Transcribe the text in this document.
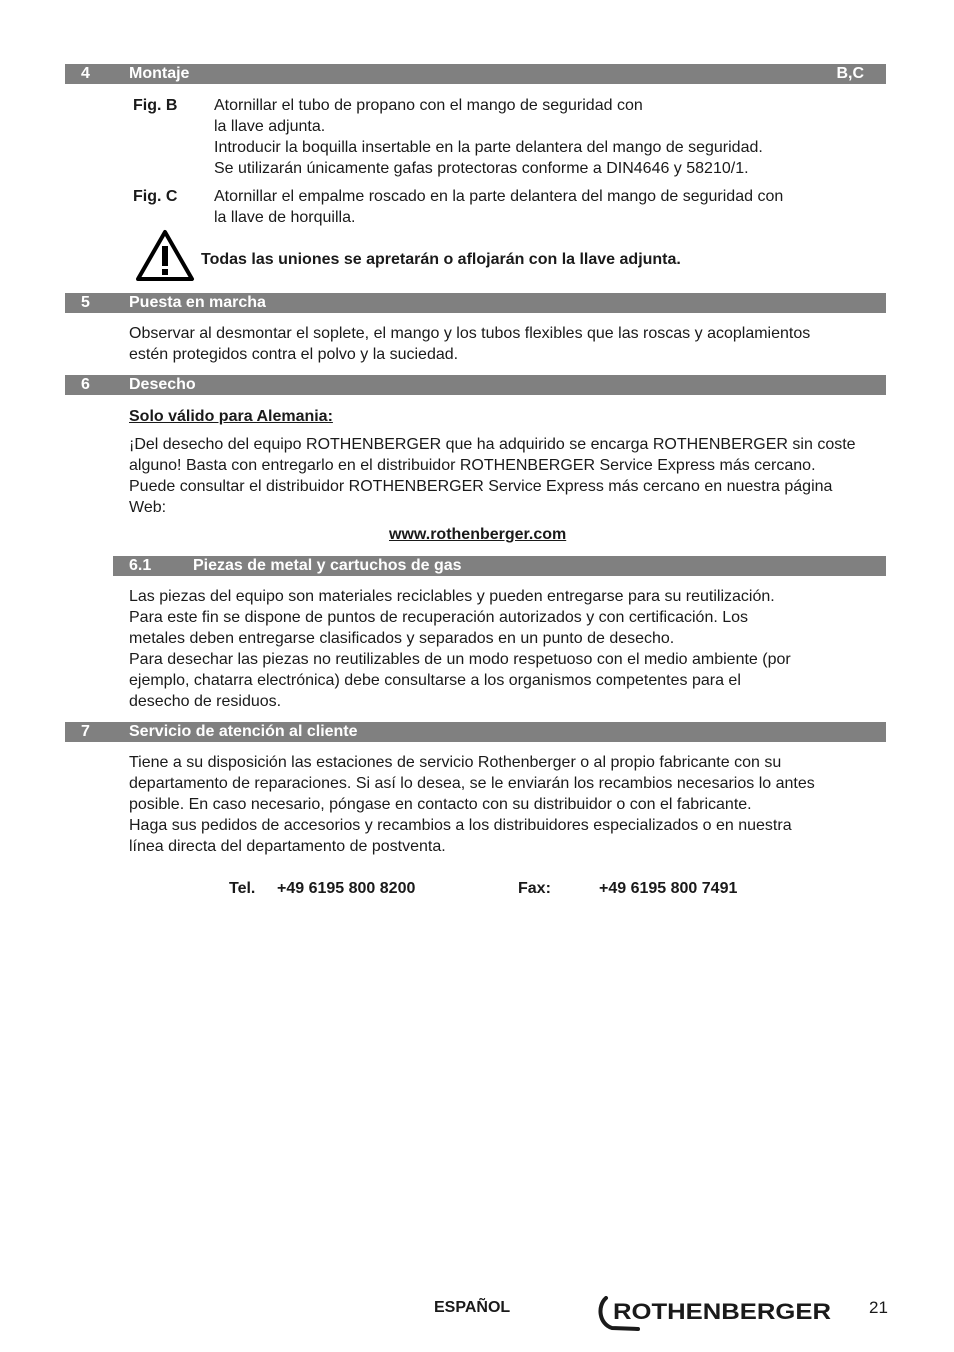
4 Montaje	B,C
Fig. B Atornillar el tubo de propano con el mango de seguridad con
la llave adjunta.
Introducir la boquilla insertable en la parte delantera del mango de seguridad.
Se utilizarán únicamente gafas protectoras conforme a DIN4646 y 58210/1.

Fig. C Atornillar el empalme roscado en la parte delantera del mango de seguridad con
la llave de horquilla.

Todas las uniones se apretarán o aflojarán con la llave adjunta.
5 Puesta en marcha

Observar al desmontar el soplete, el mango y los tubos flexibles que las roscas y acoplamientos
estén protegidos contra el polvo y la suciedad.

6 Desecho

Solo válido para Alemania:

¡Del desecho del equipo ROTHENBERGER que ha adquirido se encarga ROTHENBERGER sin coste
alguno! Basta con entregarlo en el distribuidor ROTHENBERGER Service Express más cercano.
Puede consultar el distribuidor ROTHENBERGER Service Express más cercano en nuestra página
Web:

www.rothenberger.com
6.1	Piezas de metal y cartuchos de gas

Las piezas del equipo son materiales reciclables y pueden entregarse para su reutilización.
Para este fin se dispone de puntos de recuperación autorizados y con certificación. Los
metales deben entregarse clasificados y separados en un punto de desecho.
Para desechar las piezas no reutilizables de un modo respetuoso con el medio ambiente (por
ejemplo, chatarra electrónica) debe consultarse a los organismos competentes para el
desecho de residuos.

7 Servicio de atención al cliente

Tiene a su disposición las estaciones de servicio Rothenberger o al propio fabricante con su
departamento de reparaciones. Si así lo desea, se le enviarán los recambios necesarios lo antes
posible. En caso necesario, póngase en contacto con su distribuidor o con el fabricante.
Haga sus pedidos de accesorios y recambios a los distribuidores especializados o en nuestra
línea directa del departamento de postventa.

Tel. +49 6195 800 8200	Fax:	+49 6195 800 7491
ESPAÑOL	ROTHENBERGER 21
